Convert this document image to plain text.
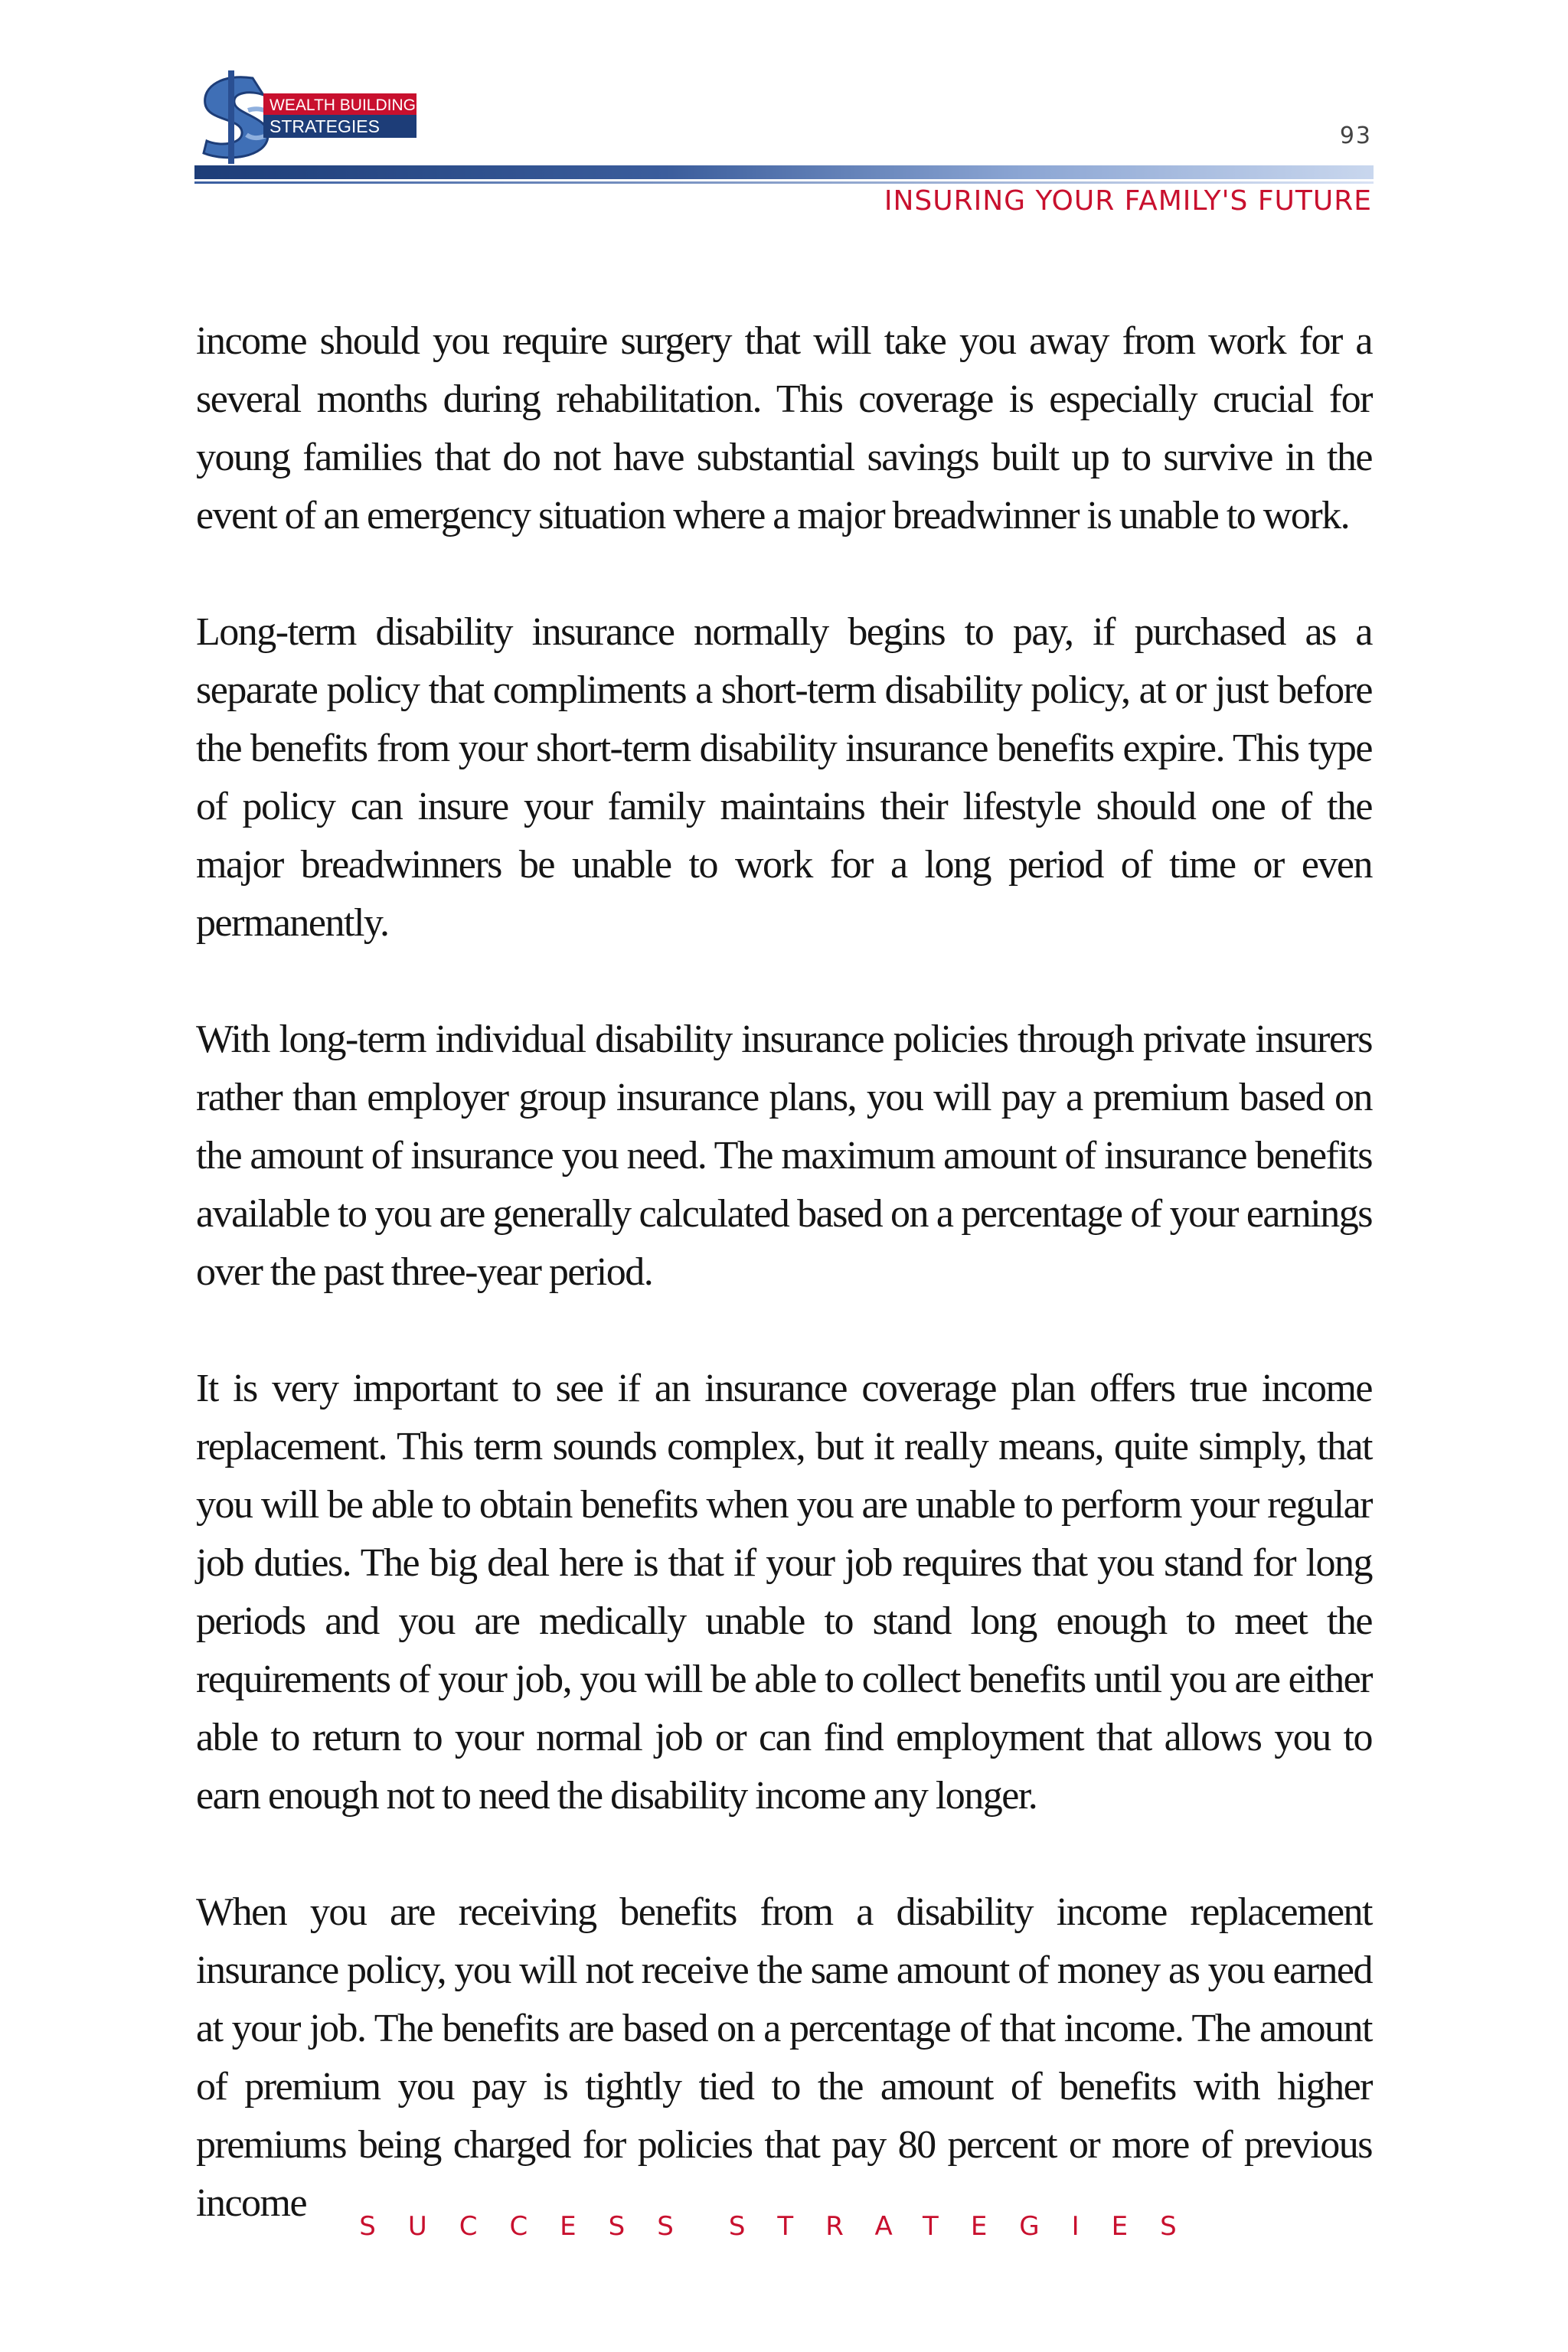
WEALTH BUILDING
STRATEGIES	93
INSURING YOUR FAMILY'S FUTURE

income should you require surgery that will take you away from work for a several months during rehabilitation. This coverage is especially crucial for young families that do not have substantial savings built up to survive in the event of an emergency situation where a major breadwinner is unable to work.

Long-term disability insurance normally begins to pay, if purchased as a separate policy that compliments a short-term disability policy, at or just before the benefits from your short-term disability insurance benefits expire. This type of policy can insure your family maintains their lifestyle should one of the major breadwinners be unable to work for a long period of time or even permanently.

With long-term individual disability insurance policies through private insurers rather than employer group insurance plans, you will pay a premium based on the amount of insurance you need. The maximum amount of insurance benefits available to you are generally calculated based on a percentage of your earnings over the past three-year period.

It is very important to see if an insurance coverage plan offers true income replacement. This term sounds complex, but it really means, quite simply, that you will be able to obtain benefits when you are unable to perform your regular job duties. The big deal here is that if your job requires that you stand for long periods and you are medically unable to stand long enough to meet the requirements of your job, you will be able to collect benefits until you are either able to return to your normal job or can find employment that allows you to earn enough not to need the disability income any longer.

When you are receiving benefits from a disability income replacement insurance policy, you will not receive the same amount of money as you earned at your job. The benefits are based on a percentage of that income. The amount of premium you pay is tightly tied to the amount of benefits with higher premiums being charged for policies that pay 80 percent or more of previous income

SUCCESS STRATEGIES
